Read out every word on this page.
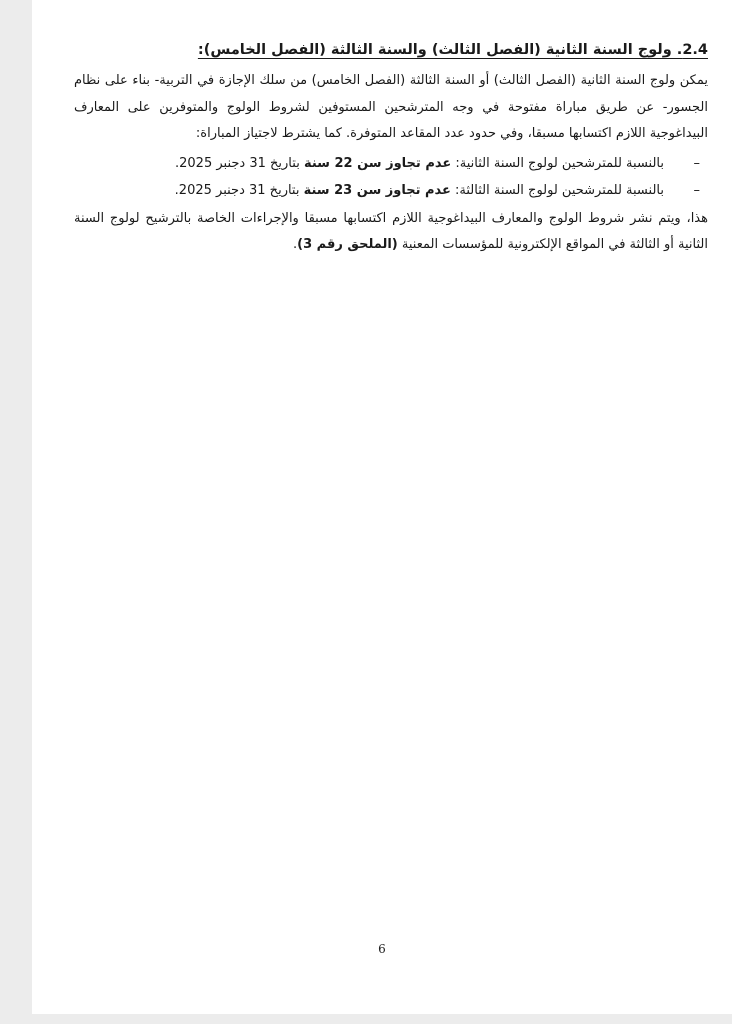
2.4. ولوج السنة الثانية (الفصل الثالث) والسنة الثالثة (الفصل الخامس):

يمكن ولوج السنة الثانية (الفصل الثالث) أو السنة الثالثة (الفصل الخامس) من سلك الإجازة في التربية- بناء على نظام الجسور- عن طريق مباراة مفتوحة في وجه المترشحين المستوفين لشروط الولوج والمتوفرين على المعارف البيداغوجية اللازم اكتسابها مسبقا، وفي حدود عدد المقاعد المتوفرة. كما يشترط لاجتياز المباراة:

–
بالنسبة للمترشحين لولوج السنة الثانية: عدم تجاوز سن 22 سنة بتاريخ 31 دجنبر 2025.
–
بالنسبة للمترشحين لولوج السنة الثالثة: عدم تجاوز سن 23 سنة بتاريخ 31 دجنبر 2025.

هذا، ويتم نشر شروط الولوج والمعارف البيداغوجية اللازم اكتسابها مسبقا والإجراءات الخاصة بالترشيح لولوج السنة الثانية أو الثالثة في المواقع الإلكترونية للمؤسسات المعنية (الملحق رقم 3).

6
